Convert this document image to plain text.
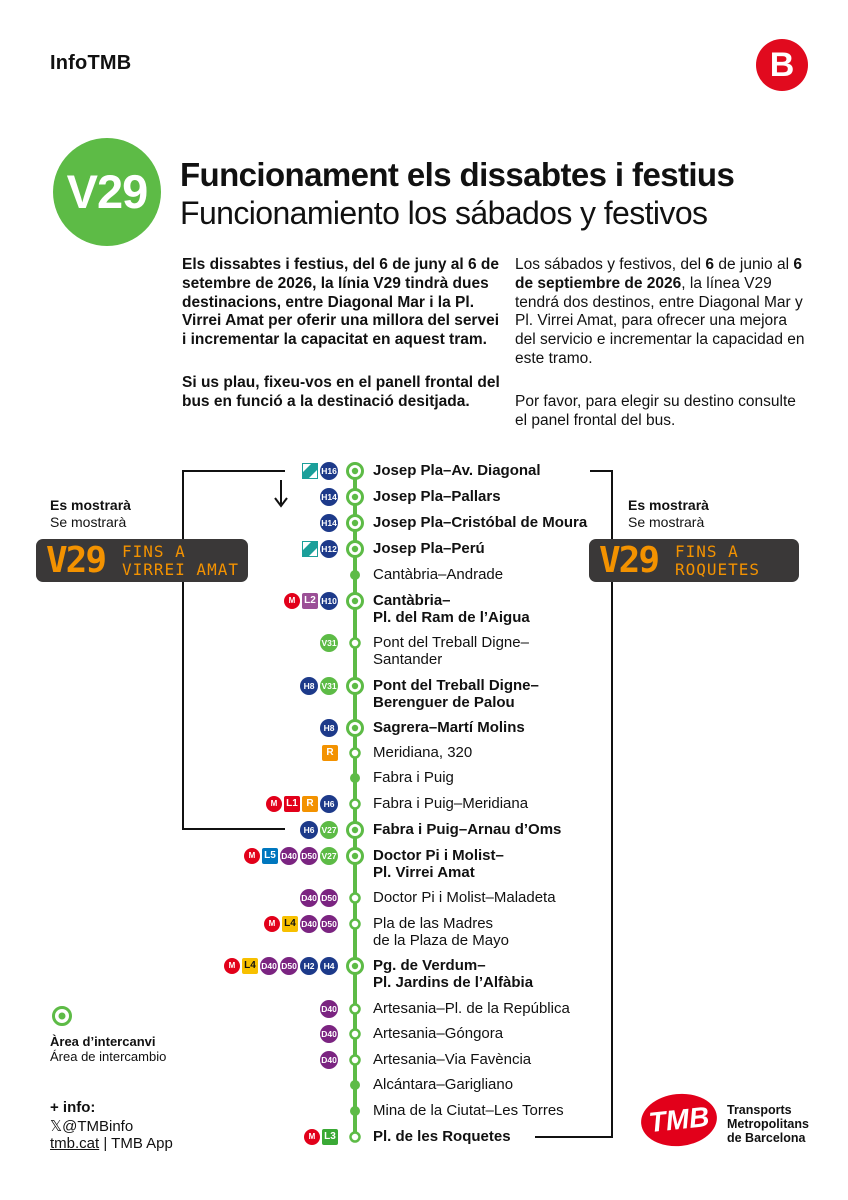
InfoTMB	B
V29 Funcionament els dissabtes i festius
Funcionamiento los sábados y festivos
Els dissabtes i festius, del 6 de juny al 6 de setembre de 2026, la línia V29 tindrà dues destinacions, entre Diagonal Mar i la Pl. Virrei Amat per oferir una millora del servei i incrementar la capacitat en aquest tram.
Si us plau, fixeu-vos en el panell frontal del bus en funció a la destinació desitjada.
Los sábados y festivos, del 6 de junio al 6 de septiembre de 2026, la línea V29 tendrá dos destinos, entre Diagonal Mar y Pl. Virrei Amat, para ofrecer una mejora del servicio e incrementar la capacidad en este tramo.
Por favor, para elegir su destino consulte el panel frontal del bus.
Es mostrarà
Se mostrarà
V29 FINS A
VIRREI AMAT
Es mostrarà
Se mostrarà
V29 FINS A
ROQUETES
Josep Pla–Av. Diagonal
H16
Josep Pla–Pallars
H14
Josep Pla–Cristóbal de Moura
H14
Josep Pla–Perú
H12
Cantàbria–Andrade
Cantàbria–
Pl. del Ram de l’Aigua
H10
L2
M
Pont del Treball Digne–
Santander
V31
Pont del Treball Digne–
Berenguer de Palou
V31
H8
Sagrera–Martí Molins
H8
Meridiana, 320
R
Fabra i Puig
Fabra i Puig–Meridiana
H6
R
L1
M
Fabra i Puig–Arnau d’Oms
V27
H6
Doctor Pi i Molist–
Pl. Virrei Amat
V27
D50
D40
L5
M
Doctor Pi i Molist–Maladeta
D50
D40
Pla de las Madres
de la Plaza de Mayo
D50
D40
L4
M
Pg. de Verdum–
Pl. Jardins de l’Alfàbia
H4
H2
D50
D40
L4
M
Artesania–Pl. de la República
D40
Artesania–Góngora
D40
Artesania–Via Favència
D40
Alcántara–Garigliano
Mina de la Ciutat–Les Torres
Pl. de les Roquetes
L3
M
Àrea d’intercanvi
Área de intercambio
+ info:
𝕏@TMBinfo
tmb.cat | TMB App
TMB	Transports
Metropolitans
de Barcelona
